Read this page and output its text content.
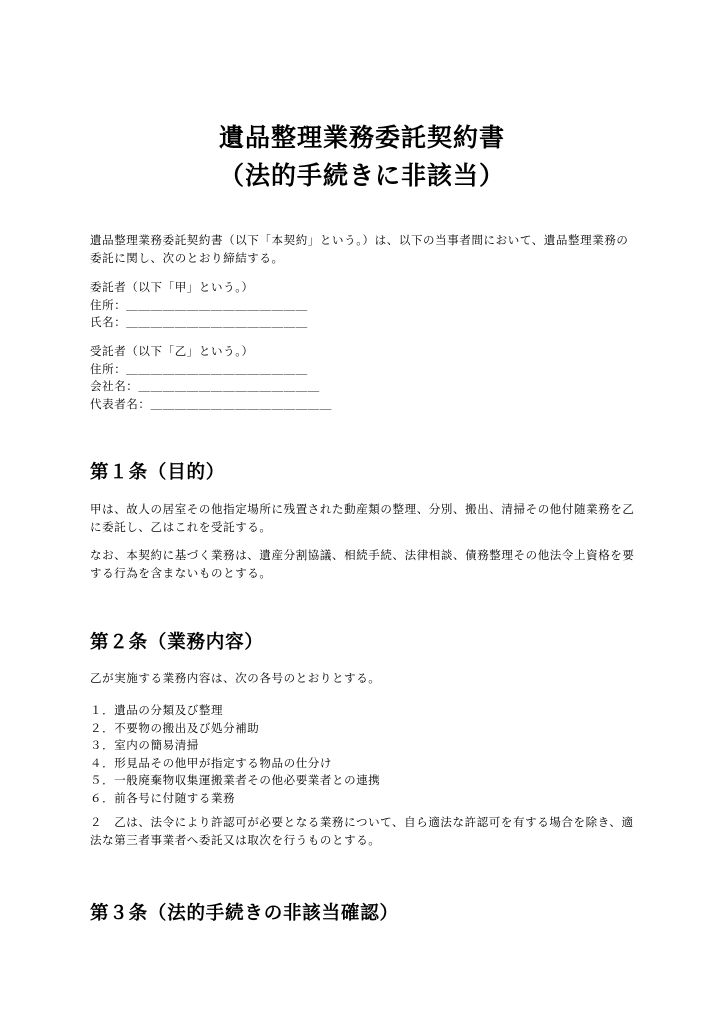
遺品整理業務委託契約書
（法的手続きに非該当）

遺品整理業務委託契約書（以下「本契約」という。）は、以下の当事者間において、遺品整理業務の
委託に関し、次のとおり締結する。

委託者（以下「甲」という。）
住所：＿＿＿＿＿＿＿＿＿＿＿＿＿＿＿
氏名：＿＿＿＿＿＿＿＿＿＿＿＿＿＿＿

受託者（以下「乙」という。）
住所：＿＿＿＿＿＿＿＿＿＿＿＿＿＿＿
会社名：＿＿＿＿＿＿＿＿＿＿＿＿＿＿＿
代表者名：＿＿＿＿＿＿＿＿＿＿＿＿＿＿＿

第１条（目的）

甲は、故人の居室その他指定場所に残置された動産類の整理、分別、搬出、清掃その他付随業務を乙
に委託し、乙はこれを受託する。

なお、本契約に基づく業務は、遺産分割協議、相続手続、法律相談、債務整理その他法令上資格を要
する行為を含まないものとする。

第２条（業務内容）

乙が実施する業務内容は、次の各号のとおりとする。

１．遺品の分類及び整理
２．不要物の搬出及び処分補助
３．室内の簡易清掃
４．形見品その他甲が指定する物品の仕分け
５．一般廃棄物収集運搬業者その他必要業者との連携
６．前各号に付随する業務

２　乙は、法令により許認可が必要となる業務について、自ら適法な許認可を有する場合を除き、適
法な第三者事業者へ委託又は取次を行うものとする。

第３条（法的手続きの非該当確認）
